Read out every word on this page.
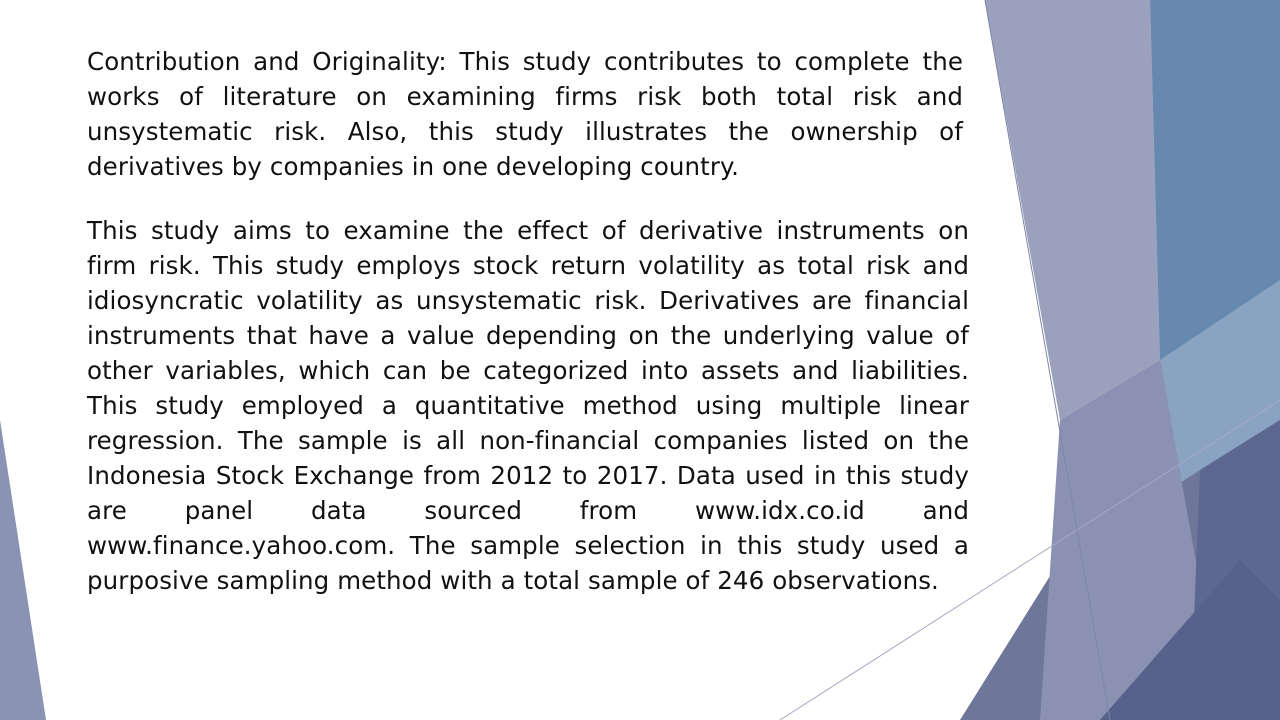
Contribution and Originality: This study contributes to complete the works of literature on examining firms risk both total risk and unsystematic risk. Also, this study illustrates the ownership of derivatives by companies in one developing country.

This study aims to examine the effect of derivative instruments on firm risk. This study employs stock return volatility as total risk and idiosyncratic volatility as unsystematic risk. Derivatives are financial instruments that have a value depending on the underlying value of other variables, which can be categorized into assets and liabilities. This study employed a quantitative method using multiple linear regression. The sample is all non-financial companies listed on the Indonesia Stock Exchange from 2012 to 2017. Data used in this study are panel data sourced from www.idx.co.id and www.finance.yahoo.com. The sample selection in this study used a purposive sampling method with a total sample of 246 observations.
